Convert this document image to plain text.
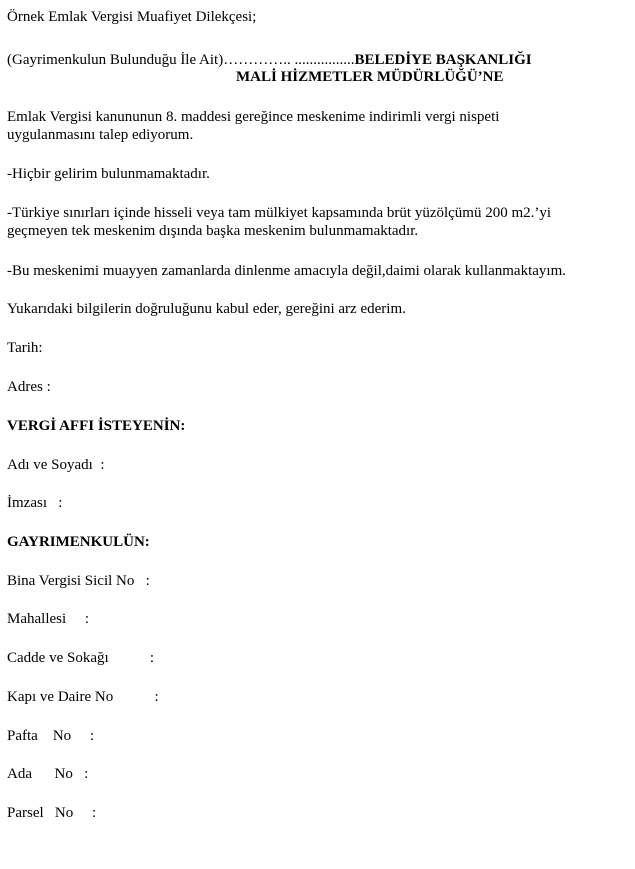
Örnek Emlak Vergisi Muafiyet Dilekçesi;
(Gayrimenkulun Bulunduğu İle Ait)………….. ................BELEDİYE BAŞKANLIĞI
MALİ HİZMETLER MÜDÜRLÜĞÜ’NE
Emlak Vergisi kanununun 8. maddesi gereğince meskenime indirimli vergi nispeti
uygulanmasını talep ediyorum.
-Hiçbir gelirim bulunmamaktadır.
-Türkiye sınırları içinde hisseli veya tam mülkiyet kapsamında brüt yüzölçümü 200 m2.’yi
geçmeyen tek meskenim dışında başka meskenim bulunmamaktadır.
-Bu meskenimi muayyen zamanlarda dinlenme amacıyla değil,daimi olarak kullanmaktayım.
Yukarıdaki bilgilerin doğruluğunu kabul eder, gereğini arz ederim.
Tarih:
Adres :
VERGİ AFFI İSTEYENİN:
Adı ve Soyadı  :
İmzası   :
GAYRIMENKULÜN:
Bina Vergisi Sicil No   :
Mahallesi     :
Cadde ve Sokağı           :
Kapı ve Daire No           :
Pafta    No     :
Ada      No   :
Parsel   No     :
